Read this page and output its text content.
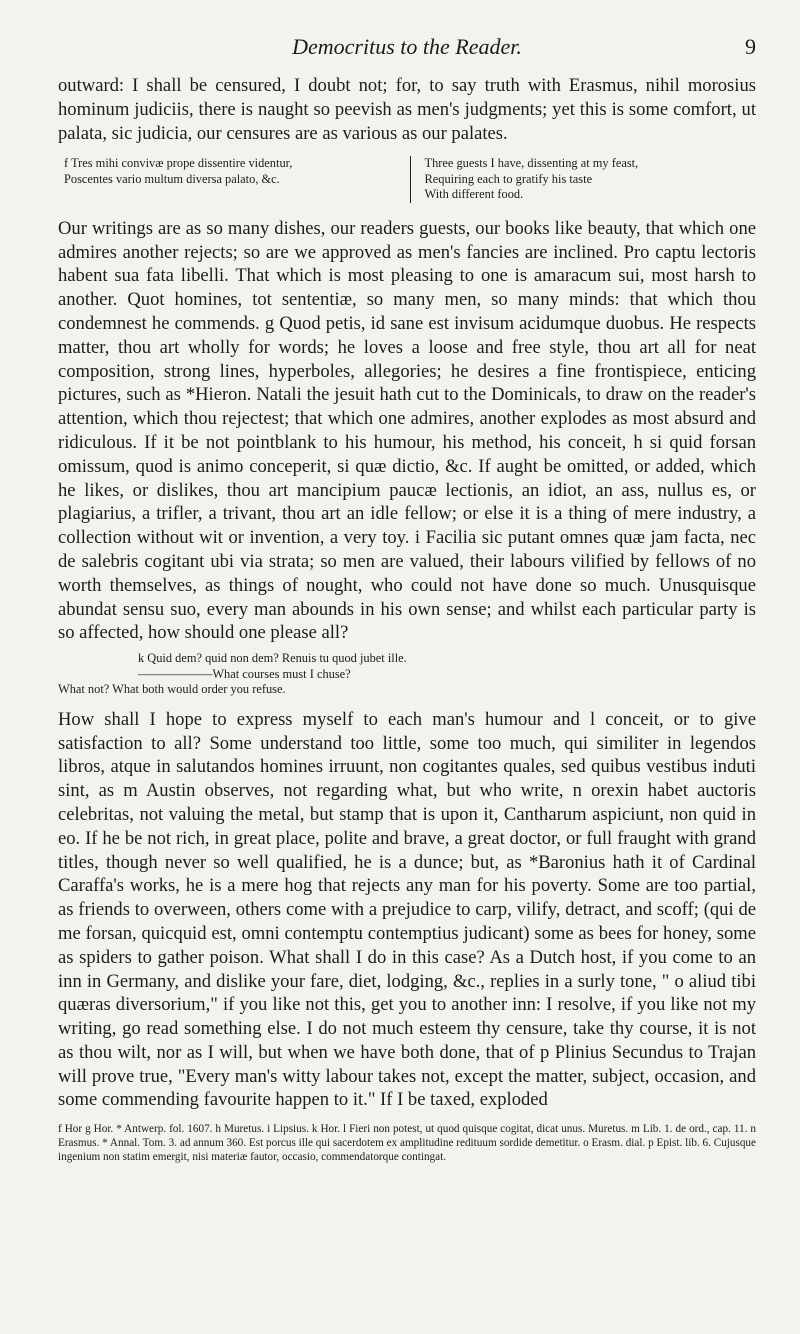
Democritus to the Reader.	9

outward: I shall be censured, I doubt not; for, to say truth with Erasmus, nihil morosius hominum judiciis, there is naught so peevish as men's judgments; yet this is some comfort, ut palata, sic judicia, our censures are as various as our palates.

f Tres mihi convivæ prope dissentire videntur,
Poscentes vario multum diversa palato, &c.
Three guests I have, dissenting at my feast,
Requiring each to gratify his taste
With different food.

Our writings are as so many dishes, our readers guests, our books like beauty, that which one admires another rejects; so are we approved as men's fancies are inclined. Pro captu lectoris habent sua fata libelli. That which is most pleasing to one is amaracum sui, most harsh to another. Quot homines, tot sententiæ, so many men, so many minds: that which thou condemnest he commends. g Quod petis, id sane est invisum acidumque duobus. He respects matter, thou art wholly for words; he loves a loose and free style, thou art all for neat composition, strong lines, hyperboles, allegories; he desires a fine frontispiece, enticing pictures, such as *Hieron. Natali the jesuit hath cut to the Dominicals, to draw on the reader's attention, which thou rejectest; that which one admires, another explodes as most absurd and ridiculous. If it be not pointblank to his humour, his method, his conceit, h si quid forsan omissum, quod is animo conceperit, si quæ dictio, &c. If aught be omitted, or added, which he likes, or dislikes, thou art mancipium paucæ lectionis, an idiot, an ass, nullus es, or plagiarius, a trifler, a trivant, thou art an idle fellow; or else it is a thing of mere industry, a collection without wit or invention, a very toy. i Facilia sic putant omnes quæ jam facta, nec de salebris cogitant ubi via strata; so men are valued, their labours vilified by fellows of no worth themselves, as things of nought, who could not have done so much. Unusquisque abundat sensu suo, every man abounds in his own sense; and whilst each particular party is so affected, how should one please all?

k Quid dem? quid non dem? Renuis tu quod jubet ille.
——————What courses must I chuse?
What not? What both would order you refuse.

How shall I hope to express myself to each man's humour and l conceit, or to give satisfaction to all? Some understand too little, some too much, qui similiter in legendos libros, atque in salutandos homines irruunt, non cogitantes quales, sed quibus vestibus induti sint, as m Austin observes, not regarding what, but who write, n orexin habet auctoris celebritas, not valuing the metal, but stamp that is upon it, Cantharum aspiciunt, non quid in eo. If he be not rich, in great place, polite and brave, a great doctor, or full fraught with grand titles, though never so well qualified, he is a dunce; but, as *Baronius hath it of Cardinal Caraffa's works, he is a mere hog that rejects any man for his poverty. Some are too partial, as friends to overween, others come with a prejudice to carp, vilify, detract, and scoff; (qui de me forsan, quicquid est, omni contemptu contemptius judicant) some as bees for honey, some as spiders to gather poison. What shall I do in this case? As a Dutch host, if you come to an inn in Germany, and dislike your fare, diet, lodging, &c., replies in a surly tone, " o aliud tibi quæras diversorium," if you like not this, get you to another inn: I resolve, if you like not my writing, go read something else. I do not much esteem thy censure, take thy course, it is not as thou wilt, nor as I will, but when we have both done, that of p Plinius Secundus to Trajan will prove true, "Every man's witty labour takes not, except the matter, subject, occasion, and some commending favourite happen to it." If I be taxed, exploded

f Hor g Hor. * Antwerp. fol. 1607. h Muretus. i Lipsius. k Hor. l Fieri non potest, ut quod quisque cogitat, dicat unus. Muretus. m Lib. 1. de ord., cap. 11. n Erasmus. * Annal. Tom. 3. ad annum 360. Est porcus ille qui sacerdotem ex amplitudine redituum sordide demetitur. o Erasm. dial. p Epist. lib. 6. Cujusque ingenium non statim emergit, nisi materiæ fautor, occasio, commendatorque contingat.
